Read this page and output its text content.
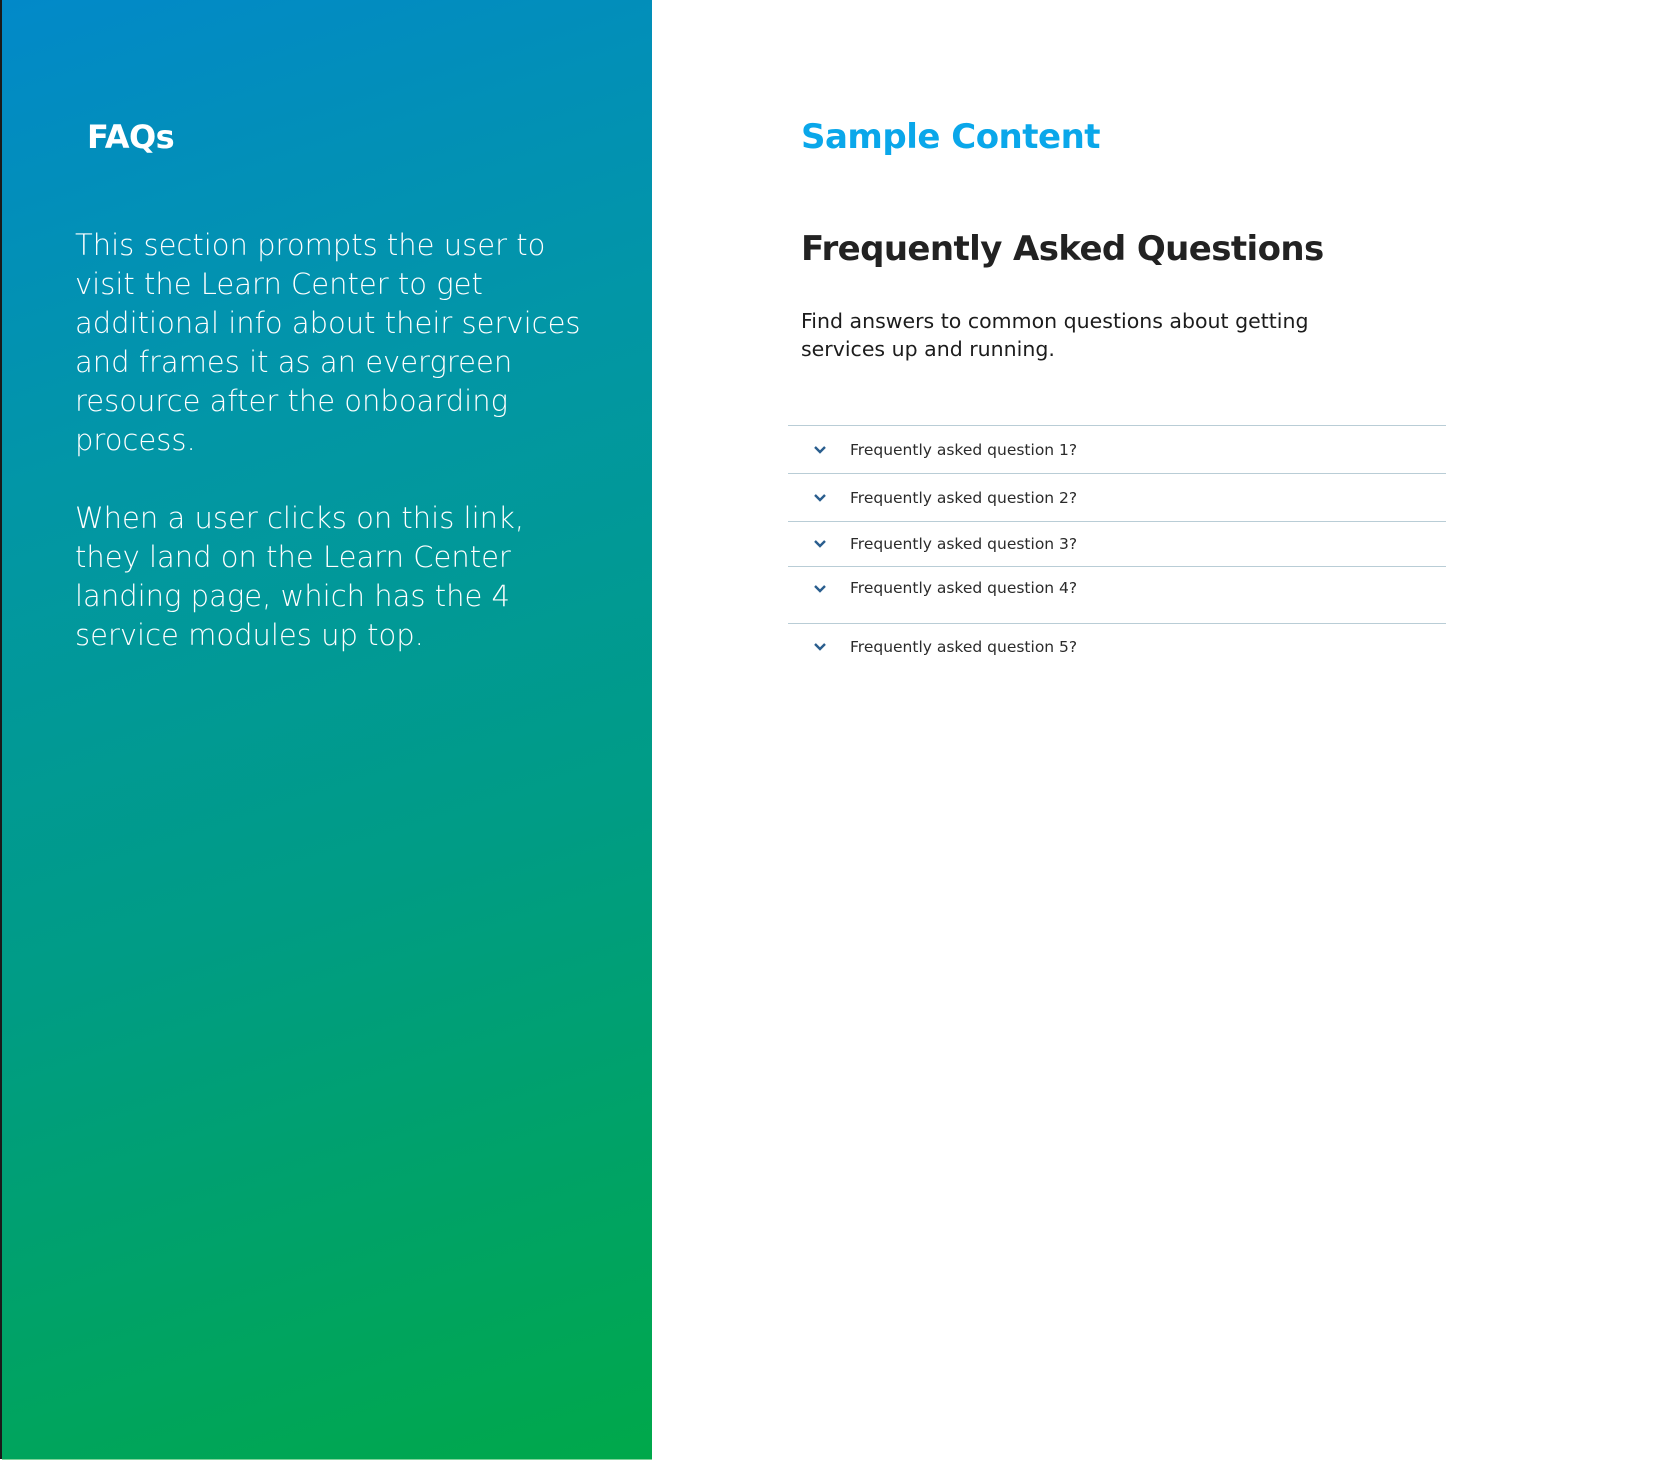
FAQs

This section prompts the user to visit the Learn Center to get additional info about their services and frames it as an evergreen resource after the onboarding process.

When a user clicks on this link, they land on the Learn Center landing page, which has the 4 service modules up top.

Sample Content
Frequently Asked Questions
Find answers to common questions about getting services up and running.
Frequently asked question 1?
Frequently asked question 2?
Frequently asked question 3?
Frequently asked question 4?
Frequently asked question 5?
